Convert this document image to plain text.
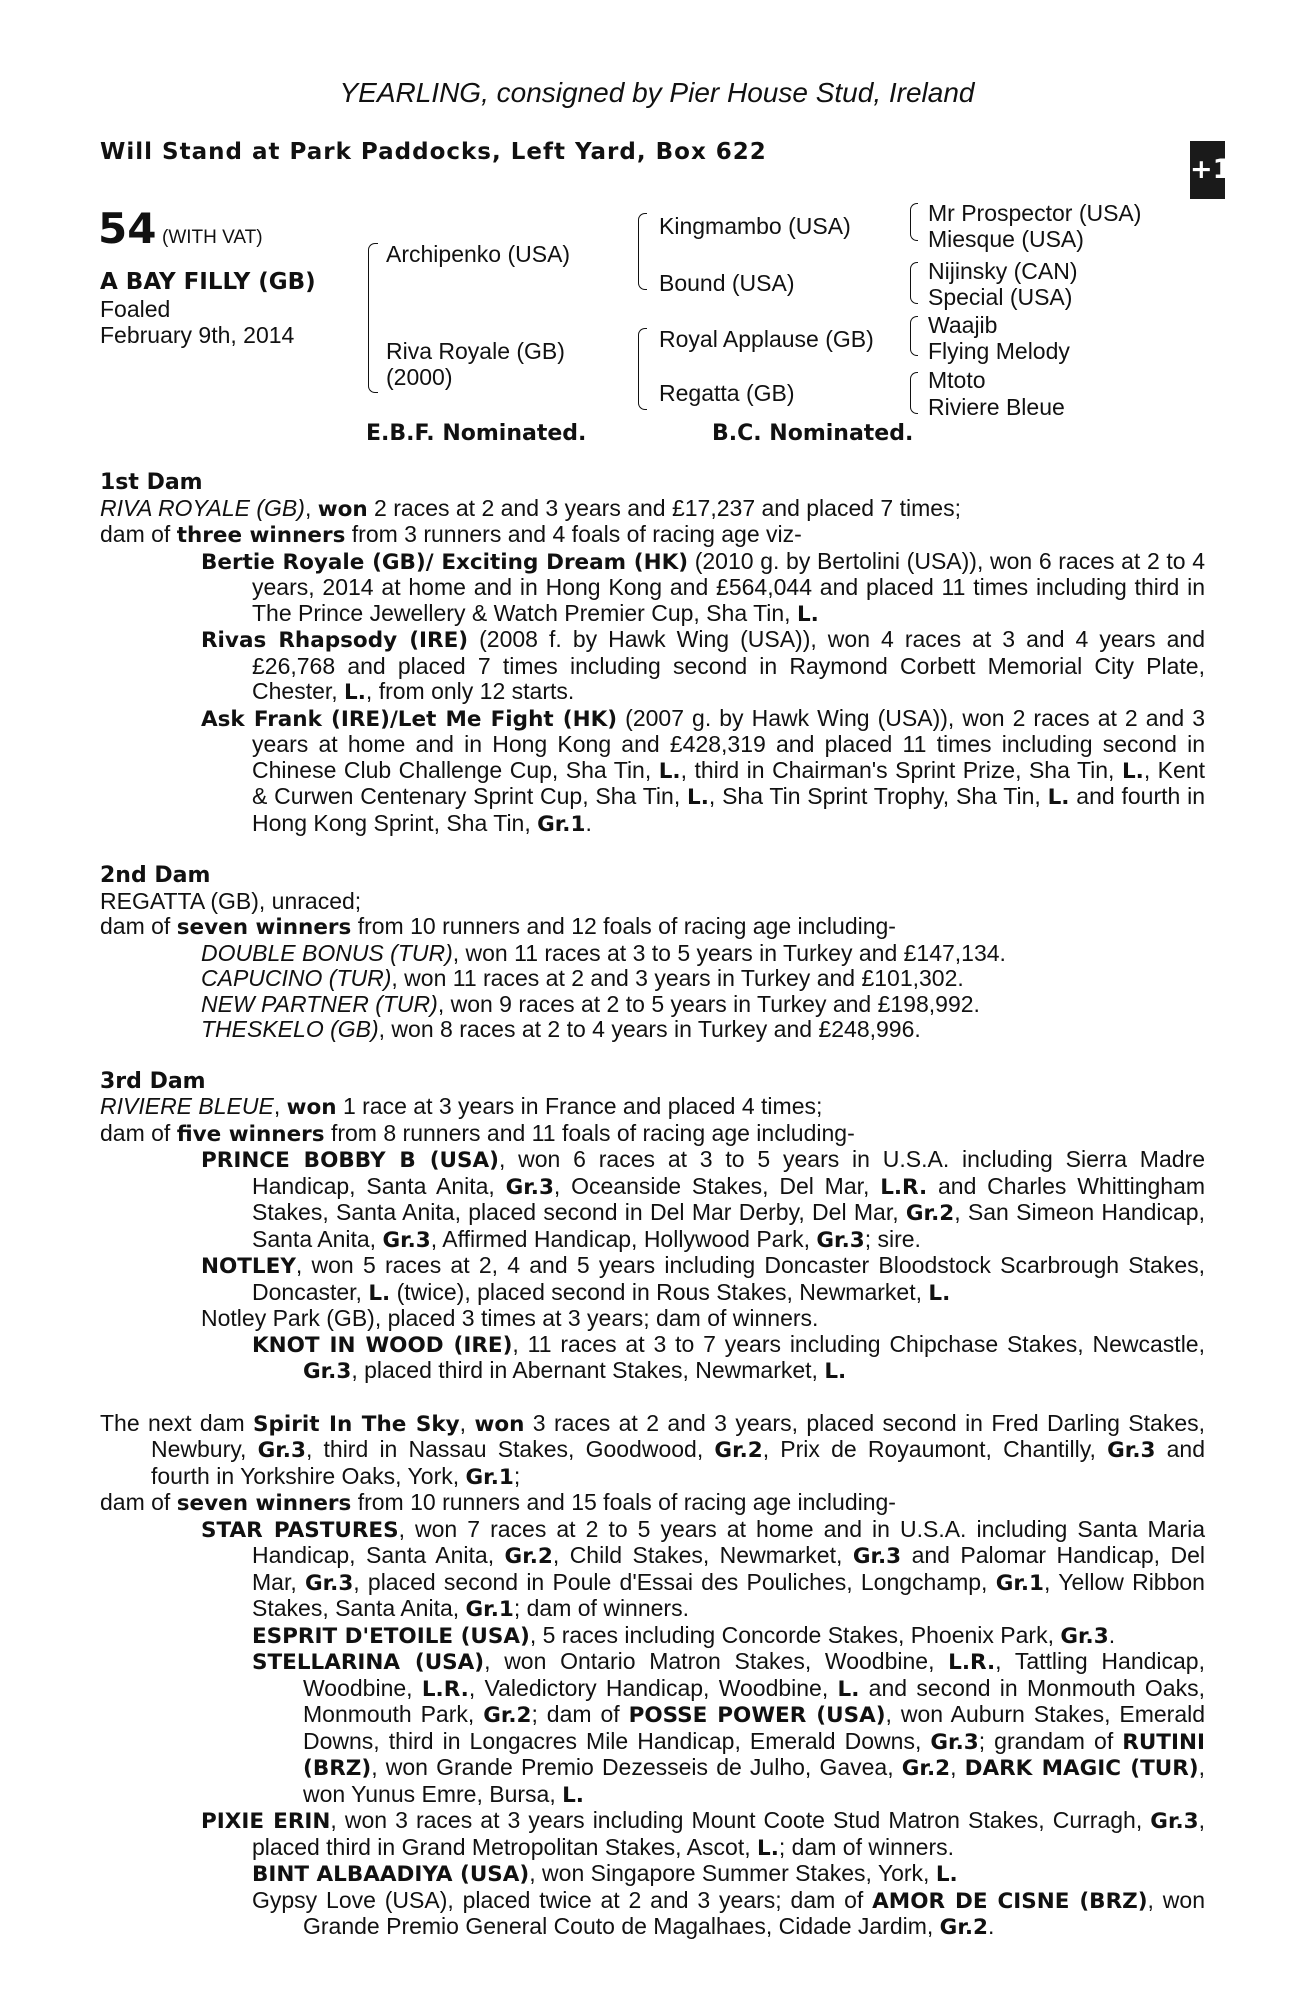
YEARLING, consigned by Pier House Stud, Ireland
Will Stand at Park Paddocks, Left Yard, Box 622
+10
54 (WITH VAT)
A BAY FILLY (GB)
Foaled
February 9th, 2014
Archipenko (USA)
Riva Royale (GB)
(2000)
Kingmambo (USA)
Bound (USA)
Royal Applause (GB)
Regatta (GB)
Mr Prospector (USA)
Miesque (USA)
Nijinsky (CAN)
Special (USA)
Waajib
Flying Melody
Mtoto
Riviere Bleue
E.B.F. Nominated.	B.C. Nominated.
1st Dam

RIVA ROYALE (GB), won 2 races at 2 and 3 years and £17,237 and placed 7 times;

dam of three winners from 3 runners and 4 foals of racing age viz-

Bertie Royale (GB)/ Exciting Dream (HK) (2010 g. by Bertolini (USA)), won 6 races at 2 to 4 years, 2014 at home and in Hong Kong and £564,044 and placed 11 times including third in The Prince Jewellery & Watch Premier Cup, Sha Tin, L.

Rivas Rhapsody (IRE) (2008 f. by Hawk Wing (USA)), won 4 races at 3 and 4 years and £26,768 and placed 7 times including second in Raymond Corbett Memorial City Plate, Chester, L., from only 12 starts.

Ask Frank (IRE)/Let Me Fight (HK) (2007 g. by Hawk Wing (USA)), won 2 races at 2 and 3 years at home and in Hong Kong and £428,319 and placed 11 times including second in Chinese Club Challenge Cup, Sha Tin, L., third in Chairman's Sprint Prize, Sha Tin, L., Kent & Curwen Centenary Sprint Cup, Sha Tin, L., Sha Tin Sprint Trophy, Sha Tin, L. and fourth in Hong Kong Sprint, Sha Tin, Gr.1.

2nd Dam

REGATTA (GB), unraced;

dam of seven winners from 10 runners and 12 foals of racing age including-

DOUBLE BONUS (TUR), won 11 races at 3 to 5 years in Turkey and £147,134.

CAPUCINO (TUR), won 11 races at 2 and 3 years in Turkey and £101,302.

NEW PARTNER (TUR), won 9 races at 2 to 5 years in Turkey and £198,992.

THESKELO (GB), won 8 races at 2 to 4 years in Turkey and £248,996.

3rd Dam

RIVIERE BLEUE, won 1 race at 3 years in France and placed 4 times;

dam of five winners from 8 runners and 11 foals of racing age including-

PRINCE BOBBY B (USA), won 6 races at 3 to 5 years in U.S.A. including Sierra Madre Handicap, Santa Anita, Gr.3, Oceanside Stakes, Del Mar, L.R. and Charles Whittingham Stakes, Santa Anita, placed second in Del Mar Derby, Del Mar, Gr.2, San Simeon Handicap, Santa Anita, Gr.3, Affirmed Handicap, Hollywood Park, Gr.3; sire.

NOTLEY, won 5 races at 2, 4 and 5 years including Doncaster Bloodstock Scarbrough Stakes, Doncaster, L. (twice), placed second in Rous Stakes, Newmarket, L.

Notley Park (GB), placed 3 times at 3 years; dam of winners.

KNOT IN WOOD (IRE), 11 races at 3 to 7 years including Chipchase Stakes, Newcastle, Gr.3, placed third in Abernant Stakes, Newmarket, L.

The next dam Spirit In The Sky, won 3 races at 2 and 3 years, placed second in Fred Darling Stakes, Newbury, Gr.3, third in Nassau Stakes, Goodwood, Gr.2, Prix de Royaumont, Chantilly, Gr.3 and fourth in Yorkshire Oaks, York, Gr.1;

dam of seven winners from 10 runners and 15 foals of racing age including-

STAR PASTURES, won 7 races at 2 to 5 years at home and in U.S.A. including Santa Maria Handicap, Santa Anita, Gr.2, Child Stakes, Newmarket, Gr.3 and Palomar Handicap, Del Mar, Gr.3, placed second in Poule d'Essai des Pouliches, Longchamp, Gr.1, Yellow Ribbon Stakes, Santa Anita, Gr.1; dam of winners.

ESPRIT D'ETOILE (USA), 5 races including Concorde Stakes, Phoenix Park, Gr.3.

STELLARINA (USA), won Ontario Matron Stakes, Woodbine, L.R., Tattling Handicap, Woodbine, L.R., Valedictory Handicap, Woodbine, L. and second in Monmouth Oaks, Monmouth Park, Gr.2; dam of POSSE POWER (USA), won Auburn Stakes, Emerald Downs, third in Longacres Mile Handicap, Emerald Downs, Gr.3; grandam of RUTINI (BRZ), won Grande Premio Dezesseis de Julho, Gavea, Gr.2, DARK MAGIC (TUR), won Yunus Emre, Bursa, L.

PIXIE ERIN, won 3 races at 3 years including Mount Coote Stud Matron Stakes, Curragh, Gr.3, placed third in Grand Metropolitan Stakes, Ascot, L.; dam of winners.

BINT ALBAADIYA (USA), won Singapore Summer Stakes, York, L.

Gypsy Love (USA), placed twice at 2 and 3 years; dam of AMOR DE CISNE (BRZ), won Grande Premio General Couto de Magalhaes, Cidade Jardim, Gr.2.
